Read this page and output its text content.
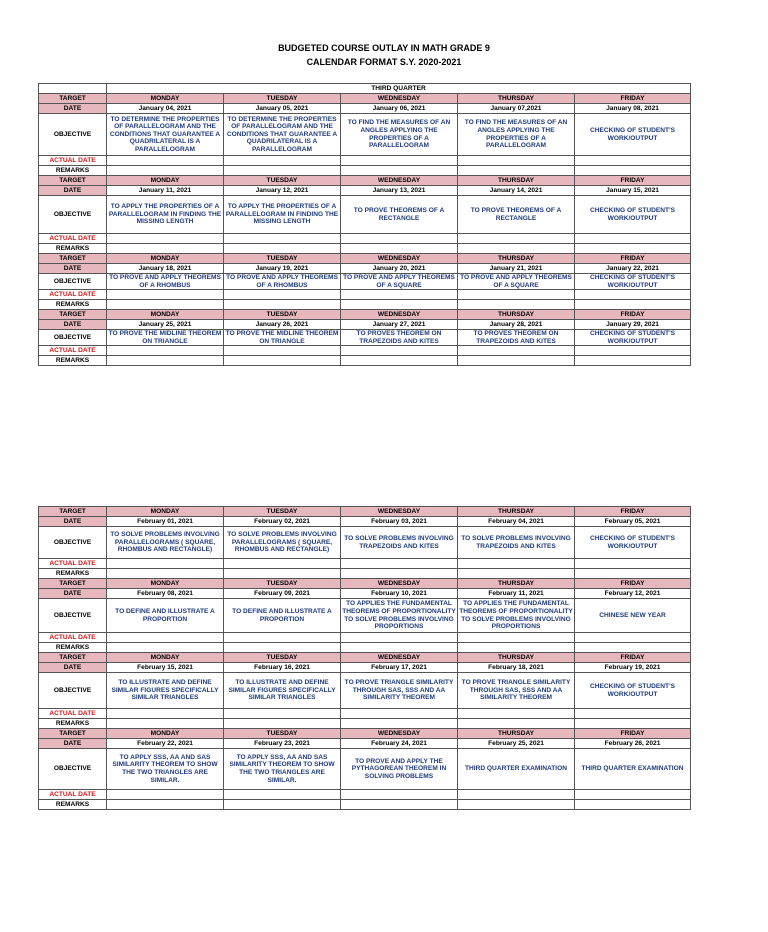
BUDGETED COURSE OUTLAY IN MATH GRADE 9
CALENDAR FORMAT S.Y. 2020-2021
	THIRD QUARTER				
TARGET	MONDAY	TUESDAY	WEDNESDAY	THURSDAY	FRIDAY
DATE	January 04, 2021	January 05, 2021	January 06, 2021	January 07,2021	January 08, 2021
OBJECTIVE	TO DETERMINE THE PROPERTIES OF PARALLELOGRAM AND THE CONDITIONS THAT GUARANTEE A QUADRILATERAL IS A PARALLELOGRAM	TO DETERMINE THE PROPERTIES OF PARALLELOGRAM AND THE CONDITIONS THAT GUARANTEE A QUADRILATERAL IS A PARALLELOGRAM	TO FIND THE MEASURES OF AN ANGLES APPLYING THE PROPERTIES OF A PARALLELOGRAM	TO FIND THE MEASURES OF AN ANGLES APPLYING THE PROPERTIES OF A PARALLELOGRAM	CHECKING OF STUDENT'S WORK/OUTPUT
ACTUAL DATE					
REMARKS					
TARGET	MONDAY	TUESDAY	WEDNESDAY	THURSDAY	FRIDAY
DATE	January 11, 2021	January 12, 2021	January 13, 2021	January 14, 2021	January 15, 2021
OBJECTIVE	TO APPLY THE PROPERTIES OF A PARALLELOGRAM IN FINDING THE MISSING LENGTH	TO APPLY THE PROPERTIES OF A PARALLELOGRAM IN FINDING THE MISSING LENGTH	TO PROVE THEOREMS OF A RECTANGLE	TO PROVE THEOREMS OF A RECTANGLE	CHECKING OF STUDENT'S WORK/OUTPUT
ACTUAL DATE					
REMARKS					
TARGET	MONDAY	TUESDAY	WEDNESDAY	THURSDAY	FRIDAY
DATE	January 18, 2021	January 19, 2021	January 20, 2021	January 21, 2021	January 22, 2021
OBJECTIVE	TO PROVE AND APPLY THEOREMS OF A RHOMBUS	TO PROVE AND APPLY THEOREMS OF A RHOMBUS	TO PROVE AND APPLY THEOREMS OF A SQUARE	TO PROVE AND APPLY THEOREMS OF A SQUARE	CHECKING OF STUDENT'S WORK/OUTPUT
ACTUAL DATE					
REMARKS					
TARGET	MONDAY	TUESDAY	WEDNESDAY	THURSDAY	FRIDAY
DATE	January 25, 2021	January 26, 2021	January 27, 2021	January 28, 2021	January 29, 2021
OBJECTIVE	TO PROVE THE MIDLINE THEOREM ON TRIANGLE	TO PROVE THE MIDLINE THEOREM ON TRIANGLE	TO PROVES THEOREM ON TRAPEZOIDS AND KITES	TO PROVES THEOREM ON TRAPEZOIDS AND KITES	CHECKING OF STUDENT'S WORK/OUTPUT
ACTUAL DATE					
REMARKS					
TARGET	MONDAY	TUESDAY	WEDNESDAY	THURSDAY	FRIDAY
DATE	February 01, 2021	February 02, 2021	February 03, 2021	February 04, 2021	February 05, 2021
OBJECTIVE	TO SOLVE PROBLEMS INVOLVING PARALLELOGRAMS ( SQUARE, RHOMBUS AND RECTANGLE)	TO SOLVE PROBLEMS INVOLVING PARALLELOGRAMS ( SQUARE, RHOMBUS AND RECTANGLE)	TO SOLVE PROBLEMS INVOLVING TRAPEZOIDS AND KITES	TO SOLVE PROBLEMS INVOLVING TRAPEZOIDS AND KITES	CHECKING OF STUDENT'S WORK/OUTPUT
ACTUAL DATE					
REMARKS					
TARGET	MONDAY	TUESDAY	WEDNESDAY	THURSDAY	FRIDAY
DATE	February 08, 2021	February 09, 2021	February 10, 2021	February 11, 2021	February 12, 2021
OBJECTIVE	TO DEFINE AND ILLUSTRATE A PROPORTION	TO DEFINE AND ILLUSTRATE A PROPORTION	TO APPLIES THE FUNDAMENTAL THEOREMS OF PROPORTIONALITY TO SOLVE PROBLEMS INVOLVING PROPORTIONS	TO APPLIES THE FUNDAMENTAL THEOREMS OF PROPORTIONALITY TO SOLVE PROBLEMS INVOLVING PROPORTIONS	CHINESE NEW YEAR
ACTUAL DATE					
REMARKS					
TARGET	MONDAY	TUESDAY	WEDNESDAY	THURSDAY	FRIDAY
DATE	February 15, 2021	February 16, 2021	February 17, 2021	February 18, 2021	February 19, 2021
OBJECTIVE	TO ILLUSTRATE AND DEFINE SIMILAR FIGURES SPECIFICALLY SIMILAR TRIANGLES	TO ILLUSTRATE AND DEFINE SIMILAR FIGURES SPECIFICALLY SIMILAR TRIANGLES	TO PROVE TRIANGLE SIMILARITY THROUGH SAS, SSS AND AA SIMILARITY THEOREM	TO PROVE TRIANGLE SIMILARITY THROUGH SAS, SSS AND AA SIMILARITY THEOREM	CHECKING OF STUDENT'S WORK/OUTPUT
ACTUAL DATE					
REMARKS					
TARGET	MONDAY	TUESDAY	WEDNESDAY	THURSDAY	FRIDAY
DATE	February 22, 2021	February 23, 2021	February 24, 2021	February 25, 2021	February 26, 2021
OBJECTIVE	TO APPLY SSS, AA AND SAS SIMILARITY THEOREM TO SHOW THE TWO TRIANGLES ARE SIMILAR.	TO APPLY SSS, AA AND SAS SIMILARITY THEOREM TO SHOW THE TWO TRIANGLES ARE SIMILAR.	TO PROVE AND APPLY THE PYTHAGOREAN THEOREM IN SOLVING PROBLEMS	THIRD QUARTER EXAMINATION	THIRD QUARTER EXAMINATION
ACTUAL DATE					
REMARKS					
